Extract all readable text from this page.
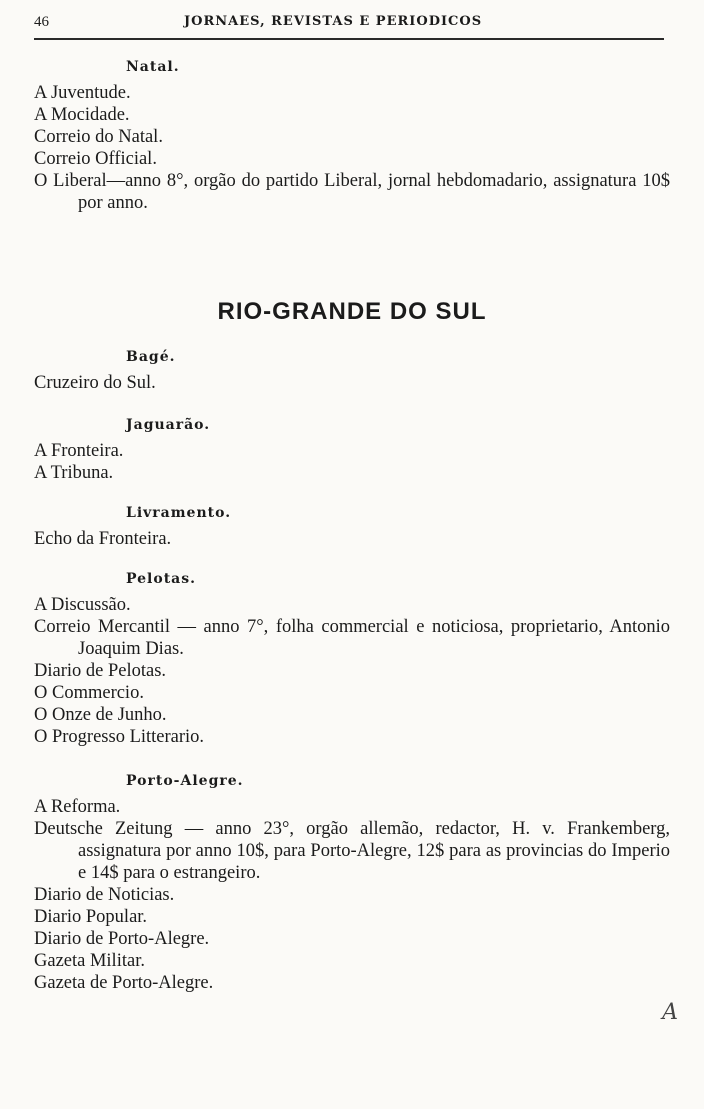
46	JORNAES, REVISTAS E PERIODICOS
Natal.

A Juventude.

A Mocidade.

Correio do Natal.

Correio Official.

O Liberal—anno 8°, orgão do partido Liberal, jornal hebdomadario, assignatura 10$ por anno.

RIO-GRANDE DO SUL
Bagé.

Cruzeiro do Sul.

Jaguarão.

A Fronteira.

A Tribuna.

Livramento.

Echo da Fronteira.

Pelotas.

A Discussão.

Correio Mercantil — anno 7°, folha commercial e noticiosa, proprietario, Antonio Joaquim Dias.

Diario de Pelotas.

O Commercio.

O Onze de Junho.

O Progresso Litterario.

Porto-Alegre.

A Reforma.

Deutsche Zeitung — anno 23°, orgão allemão, redactor, H. v. Frankemberg, assignatura por anno 10$, para Porto-Alegre, 12$ para as provincias do Imperio e 14$ para o estrangeiro.

Diario de Noticias.

Diario Popular.

Diario de Porto-Alegre.

Gazeta Militar.

Gazeta de Porto-Alegre.

A
